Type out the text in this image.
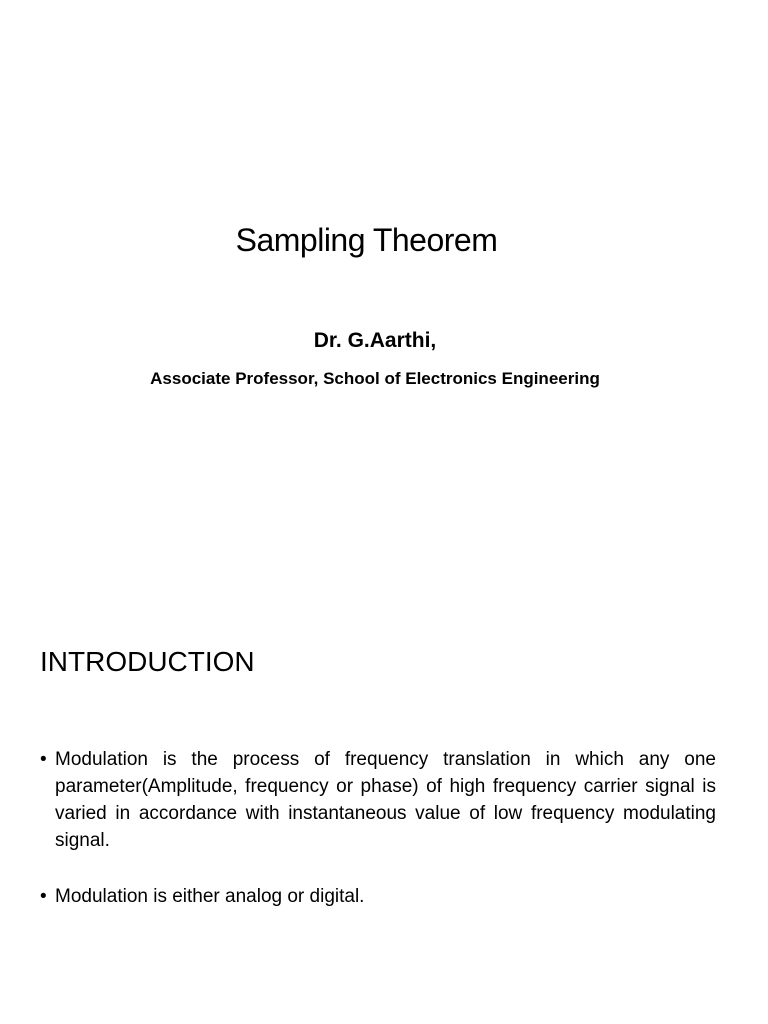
Sampling Theorem
Dr. G.Aarthi,
Associate Professor, School of Electronics Engineering
INTRODUCTION
• Modulation is the process of frequency translation in which any one parameter(Amplitude, frequency or phase) of high frequency carrier signal is varied in accordance with instantaneous value of low frequency modulating signal.
• Modulation is either analog or digital.
